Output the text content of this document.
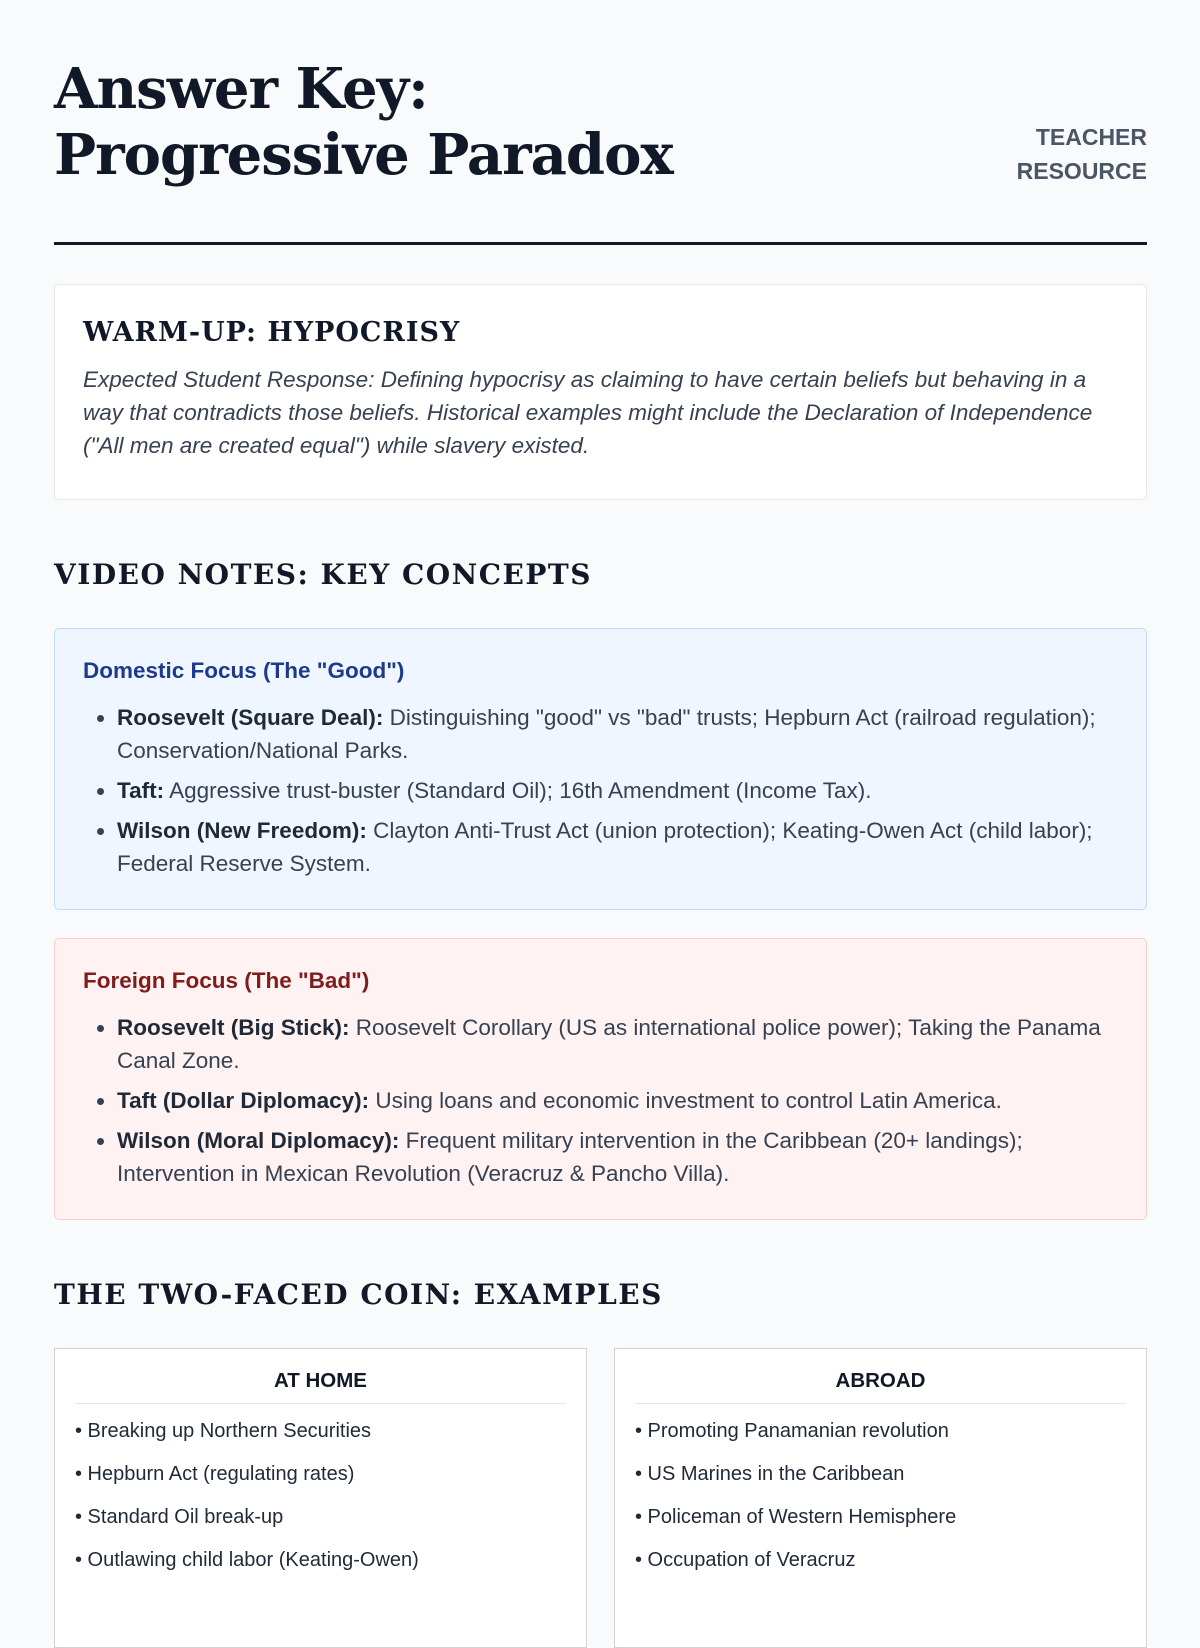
Answer Key: Progressive Paradox	TEACHER
RESOURCE
WARM-UP: HYPOCRISY

Expected Student Response: Defining hypocrisy as claiming to have certain beliefs but behaving in a way that contradicts those beliefs. Historical examples might include the Declaration of Independence ("All men are created equal") while slavery existed.

VIDEO NOTES: KEY CONCEPTS
Domestic Focus (The "Good")
• Roosevelt (Square Deal): Distinguishing "good" vs "bad" trusts; Hepburn Act (railroad regulation); Conservation/National Parks.
• Taft: Aggressive trust-buster (Standard Oil); 16th Amendment (Income Tax).
• Wilson (New Freedom): Clayton Anti-Trust Act (union protection); Keating-Owen Act (child labor); Federal Reserve System.
Foreign Focus (The "Bad")
• Roosevelt (Big Stick): Roosevelt Corollary (US as international police power); Taking the Panama Canal Zone.
• Taft (Dollar Diplomacy): Using loans and economic investment to control Latin America.
• Wilson (Moral Diplomacy): Frequent military intervention in the Caribbean (20+ landings); Intervention in Mexican Revolution (Veracruz & Pancho Villa).
THE TWO-FACED COIN: EXAMPLES
AT HOME
• Breaking up Northern Securities
• Hepburn Act (regulating rates)
• Standard Oil break-up
• Outlawing child labor (Keating-Owen)
ABROAD
• Promoting Panamanian revolution
• US Marines in the Caribbean
• Policeman of Western Hemisphere
• Occupation of Veracruz
